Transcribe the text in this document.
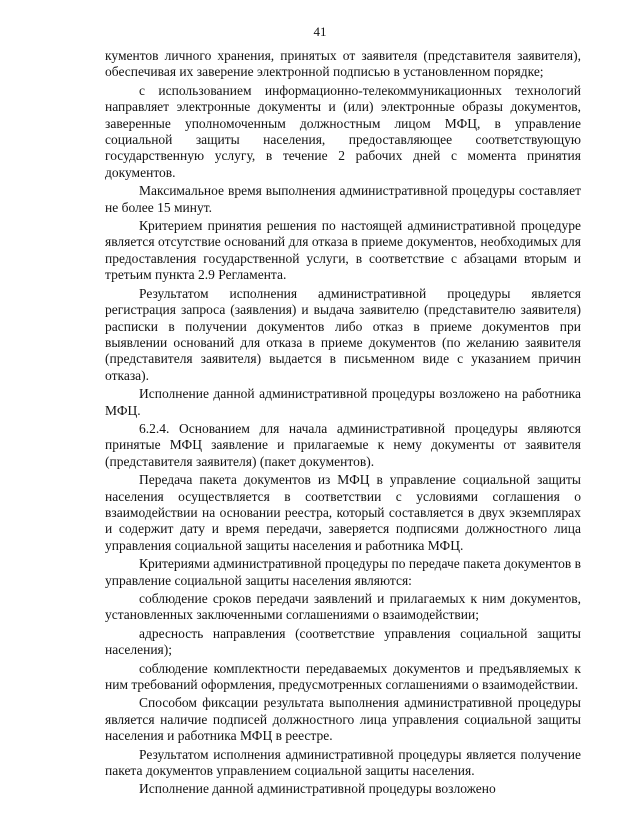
41

кументов личного хранения, принятых от заявителя (представителя заявителя), обеспечивая их заверение электронной подписью в установленном порядке;

с использованием информационно-телекоммуникационных технологий направляет электронные документы и (или) электронные образы документов, заверенные уполномоченным должностным лицом МФЦ, в управление социальной защиты населения, предоставляющее соответствующую государственную услугу, в течение 2 рабочих дней с момента принятия документов.

Максимальное время выполнения административной процедуры составляет не более 15 минут.

Критерием принятия решения по настоящей административной процедуре является отсутствие оснований для отказа в приеме документов, необходимых для предоставления государственной услуги, в соответствие с абзацами вторым и третьим пункта 2.9 Регламента.

Результатом исполнения административной процедуры является регистрация запроса (заявления) и выдача заявителю (представителю заявителя) расписки в получении документов либо отказ в приеме документов при выявлении оснований для отказа в приеме документов (по желанию заявителя (представителя заявителя) выдается в письменном виде с указанием причин отказа).

Исполнение данной административной процедуры возложено на работника МФЦ.

6.2.4. Основанием для начала административной процедуры являются принятые МФЦ заявление и прилагаемые к нему документы от заявителя (представителя заявителя) (пакет документов).

Передача пакета документов из МФЦ в управление социальной защиты населения осуществляется в соответствии с условиями соглашения о взаимодействии на основании реестра, который составляется в двух экземплярах и содержит дату и время передачи, заверяется подписями должностного лица управления социальной защиты населения и работника МФЦ.

Критериями административной процедуры по передаче пакета документов в управление социальной защиты населения являются:

соблюдение сроков передачи заявлений и прилагаемых к ним документов, установленных заключенными соглашениями о взаимодействии;

адресность направления (соответствие управления социальной защиты населения);

соблюдение комплектности передаваемых документов и предъявляемых к ним требований оформления, предусмотренных соглашениями о взаимодействии.

Способом фиксации результата выполнения административной процедуры является наличие подписей должностного лица управления социальной защиты населения и работника МФЦ в реестре.

Результатом исполнения административной процедуры является получение пакета документов управлением социальной защиты населения.

Исполнение данной административной процедуры возложено
